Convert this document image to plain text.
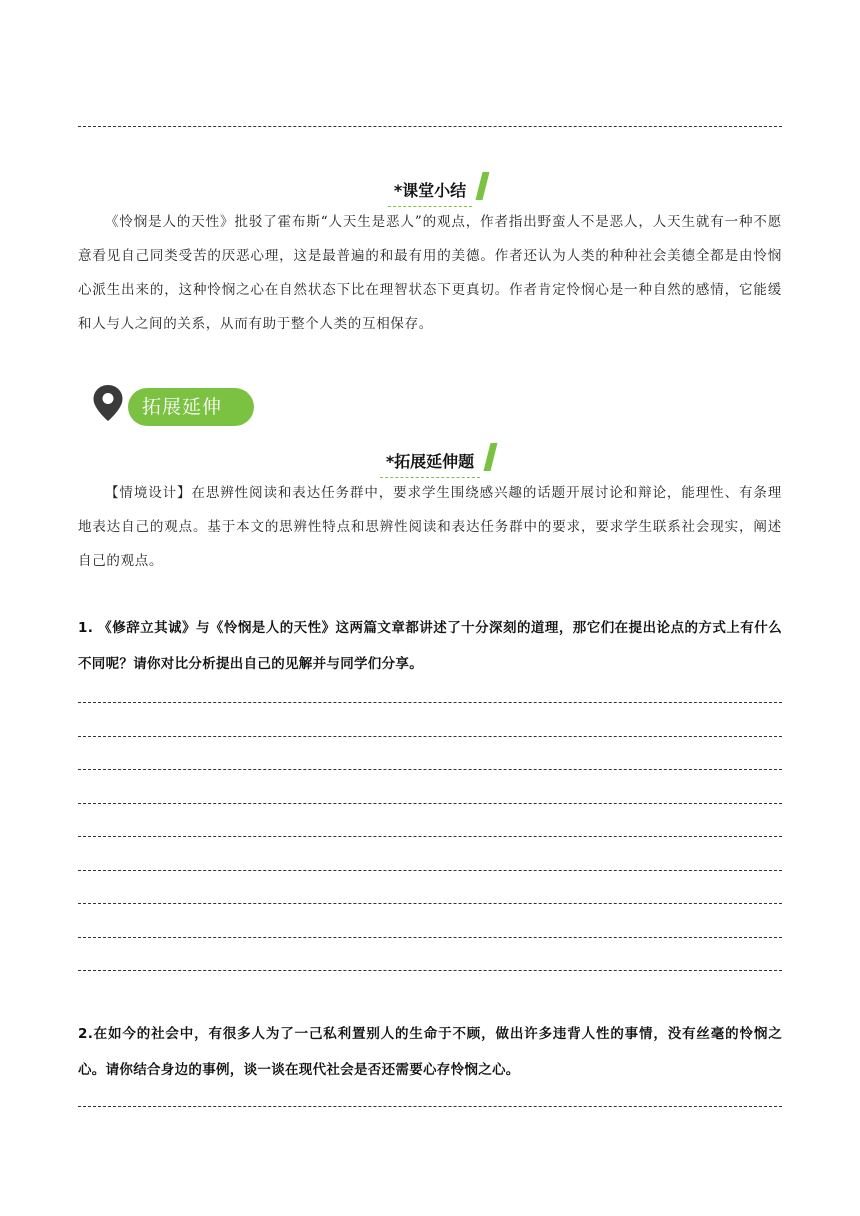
*课堂小结

《怜悯是人的天性》批驳了霍布斯“人天生是恶人”的观点，作者指出野蛮人不是恶人，人天生就有一种不愿意看见自己同类受苦的厌恶心理，这是最普遍的和最有用的美德。作者还认为人类的种种社会美德全都是由怜悯心派生出来的，这种怜悯之心在自然状态下比在理智状态下更真切。作者肯定怜悯心是一种自然的感情，它能缓和人与人之间的关系，从而有助于整个人类的互相保存。

拓展延伸
*拓展延伸题

【情境设计】在思辨性阅读和表达任务群中，要求学生围绕感兴趣的话题开展讨论和辩论，能理性、有条理地表达自己的观点。基于本文的思辨性特点和思辨性阅读和表达任务群中的要求，要求学生联系社会现实，阐述自己的观点。

1. 《修辞立其诚》与《怜悯是人的天性》这两篇文章都讲述了十分深刻的道理，那它们在提出论点的方式上有什么不同呢？请你对比分析提出自己的见解并与同学们分享。

2.在如今的社会中，有很多人为了一己私利置别人的生命于不顾，做出许多违背人性的事情，没有丝毫的怜悯之心。请你结合身边的事例，谈一谈在现代社会是否还需要心存怜悯之心。
